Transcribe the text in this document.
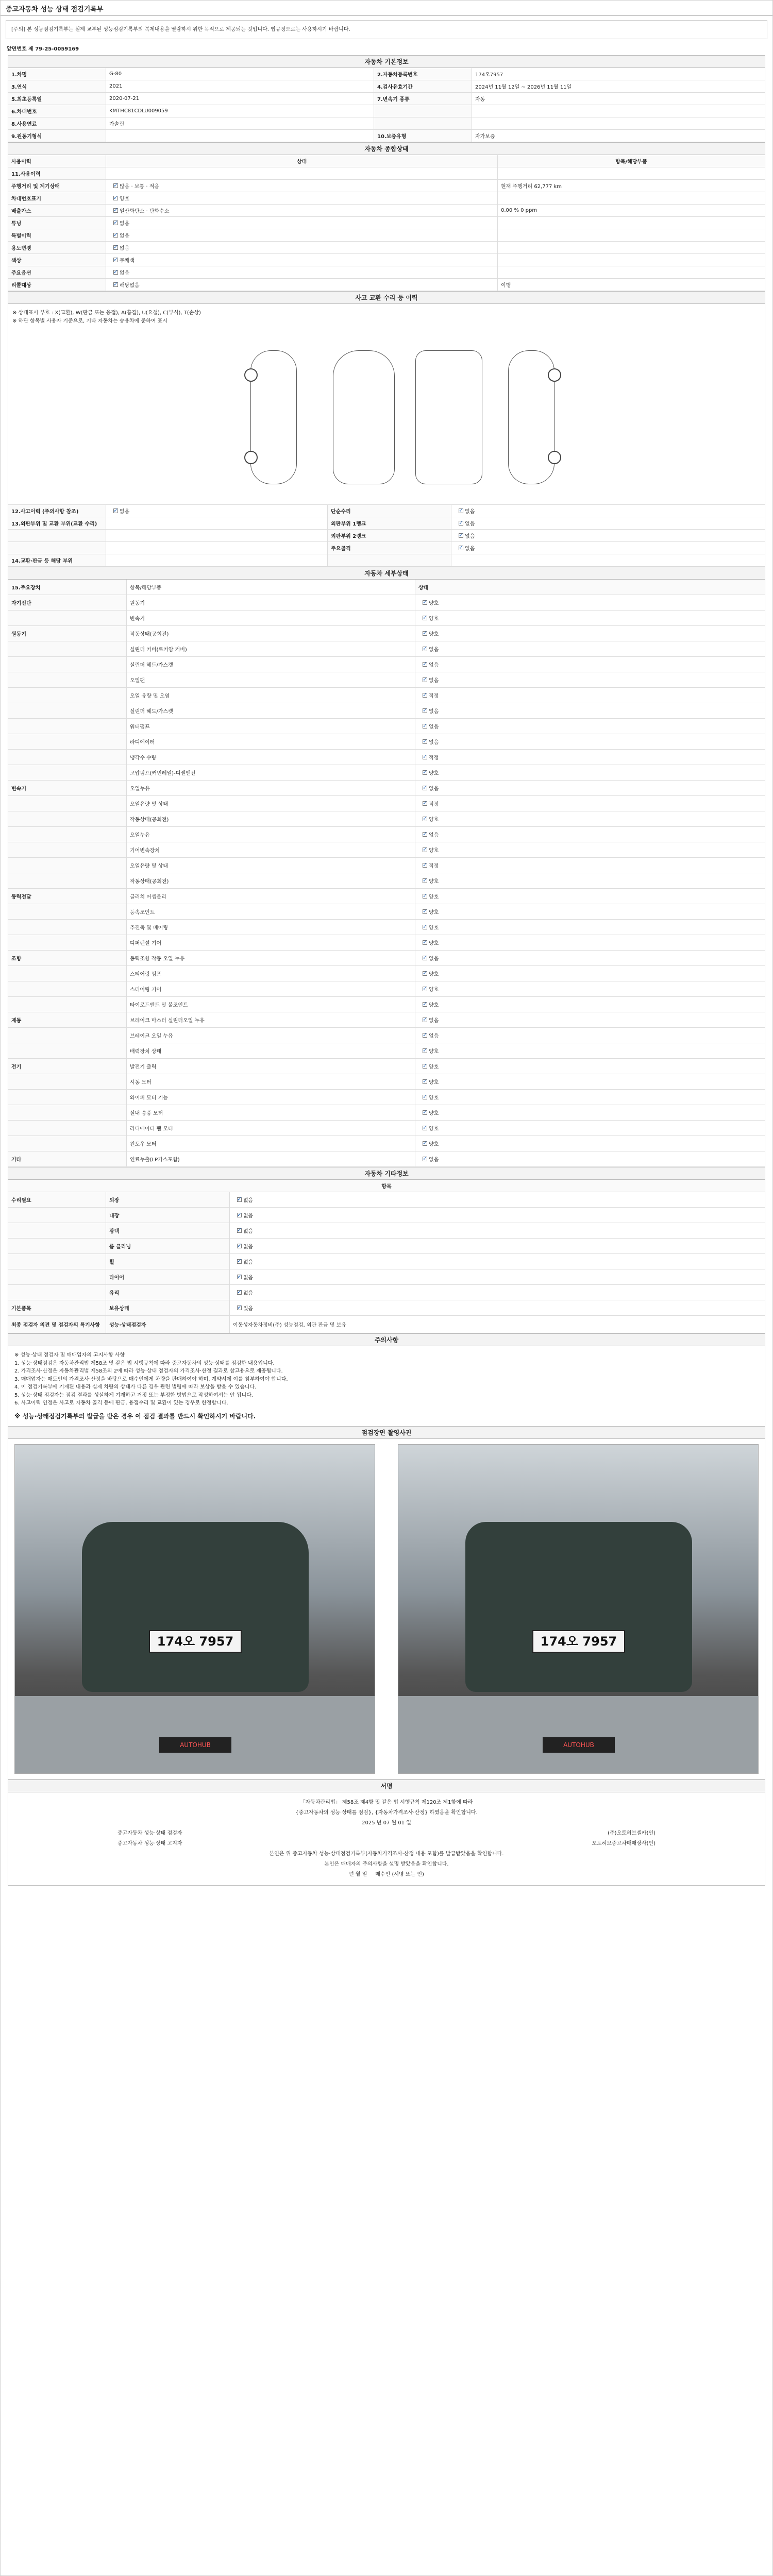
중고자동차 성능 상태 점검기록부
[주의] 본 성능점검기록부는 실제 교부된 성능점검기록부의 복제내용을 열람하시 위한 목적으로 제공되는 것입니다. 법규정으로는 사용하시기 바랍니다.
앞면번호 제 79-25-0059169
자동차 기본정보
1.차명	G-80	2.자동차등록번호	174오7957
3.연식	2021	4.검사유효기간	2024년 11월 12일 ~ 2026년 11월 11일
5.최초등록일	2020-07-21	7.변속기 종류	자동
6.차대번호	KMTHC81CDLU009059
8.사용연료	가솔린
9.원동기형식	10.보증유형	자가보증
자동차 종합상태
사용이력	상태	항목/해당부품
11.사용이력
주행거리 및 계기상태 ✓	많음 · 보통 · 적음	현재 주행거리 62,777 km
차대번호표기 ✓	양호
배출가스 ✓	일산화탄소 · 탄화수소	0.00 % 0 ppm
튜닝 ✓	없음
특별이력 ✓	없음
용도변경 ✓	없음
색상 ✓	무채색
주요옵션 ✓	없음
리콜대상 ✓	해당없음	이행
사고 교환 수리 등 이력
※ 상태표시 부호 : X(교환), W(판금 또는 용접), A(흠집), U(요철), C(부식), T(손상)
※ 하단 항목별 사용자 기준으로, 기타 자동차는 승용차에 준하여 표시
12.사고이력 (주의사항 참조) ✓	없음	단순수리 ✓	없음
13.외판부위 및 교환 부위(교환 수리)	외판부위 1랭크 ✓	없음
외판부위 2랭크 ✓	없음
주요골격 ✓	없음
14.교환·판금 등 해당 부위
자동차 세부상태
15.주요장치	항목/해당부품	상태
자기진단	원동기 ✓	양호
변속기 ✓	양호
원동기	작동상태(공회전) ✓	양호
실린더 커버(로커암 커버) ✓	없음
실린더 헤드/가스켓 ✓	없음
오일팬 ✓	없음
오일 유량 및 오염 ✓	적정
실린더 헤드/가스켓 ✓	없음
워터펌프 ✓	없음
라디에이터 ✓	없음
냉각수 수량 ✓	적정
고압펌프(커먼레일)-디젤엔진 ✓	양호
변속기	오일누유 ✓	없음
오일유량 및 상태 ✓	적정
작동상태(공회전) ✓	양호
오일누유 ✓	없음
기어변속장치 ✓	양호
오일유량 및 상태 ✓	적정
작동상태(공회전) ✓	양호
동력전달	클러치 어셈블리 ✓	양호
등속조인트 ✓	양호
추진축 및 베어링 ✓	양호
디퍼렌셜 기어 ✓	양호
조향	동력조향 작동 오일 누유 ✓	없음
스티어링 펌프 ✓	양호
스티어링 기어 ✓	양호
타이로드엔드 및 볼조인트 ✓	양호
제동	브레이크 마스터 실린더오일 누유 ✓	없음
브레이크 오일 누유 ✓	없음
배력장치 상태 ✓	양호
전기	발전기 출력 ✓	양호
시동 모터 ✓	양호
와이퍼 모터 기능 ✓	양호
실내 송풍 모터 ✓	양호
라디에이터 팬 모터 ✓	양호
윈도우 모터 ✓	양호
기타	연료누출(LP가스포함) ✓	없음
자동차 기타정보
항목
수리필요	외장 ✓	없음
내장 ✓	없음
광택 ✓	없음
룸 클리닝 ✓	없음
휠 ✓	없음
타이어 ✓	없음
유리 ✓	없음
기본품목	보유상태 ✓	있음
최종 점검자 의견 및 점검자의 특기사항	성능·상태점검자	이동성자동차정비(주) 성능점검, 외관 판금 및 보유
주의사항
※ 성능·상태 점검자 및 매매업자의 고지사항 사항
1. 성능·상태점검은 자동차관리법 제58조 및 같은 법 시행규칙에 따라 중고자동차의 성능·상태를 점검한 내용입니다.
2. 가격조사·산정은 자동차관리법 제58조의 2에 따라 성능·상태 점검자의 가격조사·산정 결과로 참고용으로 제공됩니다.
3. 매매업자는 매도인의 가격조사·산정을 바탕으로 매수인에게 차량을 판매하여야 하며, 계약서에 이를 첨부하여야 합니다.
4. 이 점검기록부에 기재된 내용과 실제 차량의 상태가 다른 경우 관련 법령에 따라 보상을 받을 수 있습니다.
5. 성능·상태 점검자는 점검 결과를 성실하게 기재하고 거짓 또는 부정한 방법으로 작성하여서는 안 됩니다.
6. 사고이력 인정은 사고로 자동차 골격 등에 판금, 용접수리 및 교환이 있는 경우로 한정합니다.
※ 성능·상태점검기록부의 발급을 받은 경우 이 점검 결과를 반드시 확인하시기 바랍니다.
점검장면 촬영사진
174오 7957
AUTOHUB
174오 7957
AUTOHUB
서명
「자동차관리법」 제58조 제4항 및 같은 법 시행규칙 제120조 제1항에 따라
{중고자동차의 성능·상태를 점검}, {자동차가격조사·산정} 하였음을 확인합니다.
2025 년 07 월 01 일
중고자동차 성능·상태 점검자	(주)오토허브셀카(인)
중고자동차 성능·상태 고지자	오토허브중고차매매상사(인)
본인은 위 중고자동차 성능·상태점검기록부(자동차가격조사·산정 내용 포함)를 발급받았음을 확인합니다.
본인은 매매자의 주의사항을 설명 받았음을 확인합니다.
년 월 일 매수인 (서명 또는 인)
